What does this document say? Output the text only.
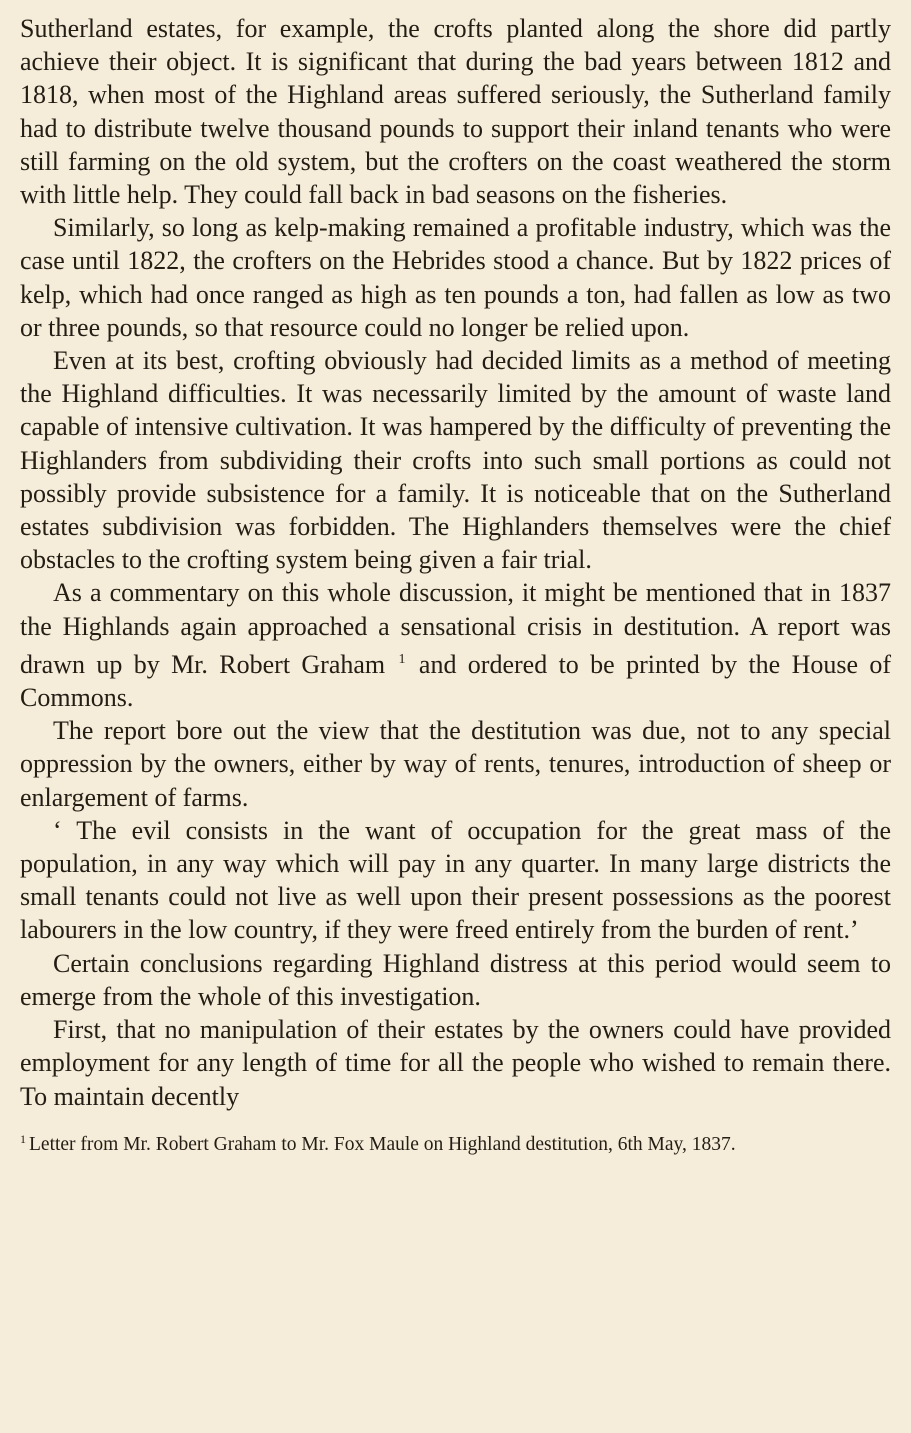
Sutherland estates, for example, the crofts planted along the shore did partly achieve their object. It is significant that during the bad years between 1812 and 1818, when most of the Highland areas suffered seriously, the Sutherland family had to distribute twelve thousand pounds to support their inland tenants who were still farming on the old system, but the crofters on the coast weathered the storm with little help. They could fall back in bad seasons on the fisheries.

Similarly, so long as kelp-making remained a profitable industry, which was the case until 1822, the crofters on the Hebrides stood a chance. But by 1822 prices of kelp, which had once ranged as high as ten pounds a ton, had fallen as low as two or three pounds, so that resource could no longer be relied upon.

Even at its best, crofting obviously had decided limits as a method of meeting the Highland difficulties. It was necessarily limited by the amount of waste land capable of intensive cultivation. It was hampered by the difficulty of preventing the Highlanders from subdividing their crofts into such small portions as could not possibly provide subsistence for a family. It is noticeable that on the Sutherland estates subdivision was forbidden. The Highlanders themselves were the chief obstacles to the crofting system being given a fair trial.

As a commentary on this whole discussion, it might be mentioned that in 1837 the Highlands again approached a sensational crisis in destitution. A report was drawn up by Mr. Robert Graham $^1$ and ordered to be printed by the House of Commons.

The report bore out the view that the destitution was due, not to any special oppression by the owners, either by way of rents, tenures, introduction of sheep or enlargement of farms.

‘ The evil consists in the want of occupation for the great mass of the population, in any way which will pay in any quarter. In many large districts the small tenants could not live as well upon their present possessions as the poorest labourers in the low country, if they were freed entirely from the burden of rent.’

Certain conclusions regarding Highland distress at this period would seem to emerge from the whole of this investigation.

First, that no manipulation of their estates by the owners could have provided employment for any length of time for all the people who wished to remain there. To maintain decently

$^1$ Letter from Mr. Robert Graham to Mr. Fox Maule on Highland destitution, 6th May, 1837.
